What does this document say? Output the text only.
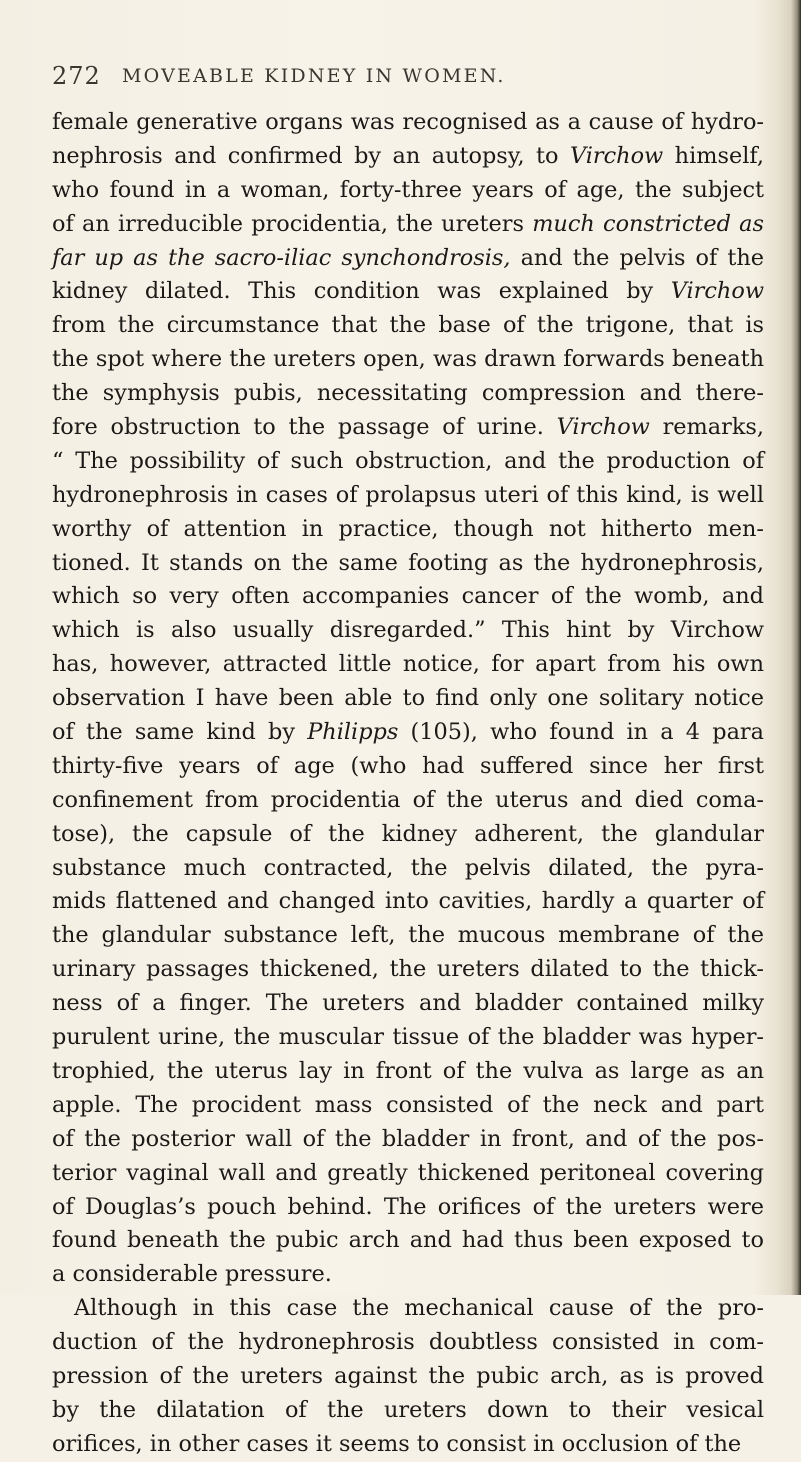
272 MOVEABLE KIDNEY IN WOMEN.
female generative organs was recognised as a cause of hydro-
nephrosis and confirmed by an autopsy, to Virchow himself,
who found in a woman, forty-three years of age, the subject
of an irreducible procidentia, the ureters much constricted as
far up as the sacro-iliac synchondrosis, and the pelvis of the
kidney dilated. This condition was explained by Virchow
from the circumstance that the base of the trigone, that is
the spot where the ureters open, was drawn forwards beneath
the symphysis pubis, necessitating compression and there-
fore obstruction to the passage of urine. Virchow remarks,
“ The possibility of such obstruction, and the production of
hydronephrosis in cases of prolapsus uteri of this kind, is well
worthy of attention in practice, though not hitherto men-
tioned. It stands on the same footing as the hydronephrosis,
which so very often accompanies cancer of the womb, and
which is also usually disregarded.” This hint by Virchow
has, however, attracted little notice, for apart from his own
observation I have been able to find only one solitary notice
of the same kind by Philipps (105), who found in a 4 para
thirty-five years of age (who had suffered since her first
confinement from procidentia of the uterus and died coma-
tose), the capsule of the kidney adherent, the glandular
substance much contracted, the pelvis dilated, the pyra-
mids flattened and changed into cavities, hardly a quarter of
the glandular substance left, the mucous membrane of the
urinary passages thickened, the ureters dilated to the thick-
ness of a finger. The ureters and bladder contained milky
purulent urine, the muscular tissue of the bladder was hyper-
trophied, the uterus lay in front of the vulva as large as an
apple. The procident mass consisted of the neck and part
of the posterior wall of the bladder in front, and of the pos-
terior vaginal wall and greatly thickened peritoneal covering
of Douglas’s pouch behind. The orifices of the ureters were
found beneath the pubic arch and had thus been exposed to
a considerable pressure.
Although in this case the mechanical cause of the pro-
duction of the hydronephrosis doubtless consisted in com-
pression of the ureters against the pubic arch, as is proved
by the dilatation of the ureters down to their vesical
orifices, in other cases it seems to consist in occlusion of the
